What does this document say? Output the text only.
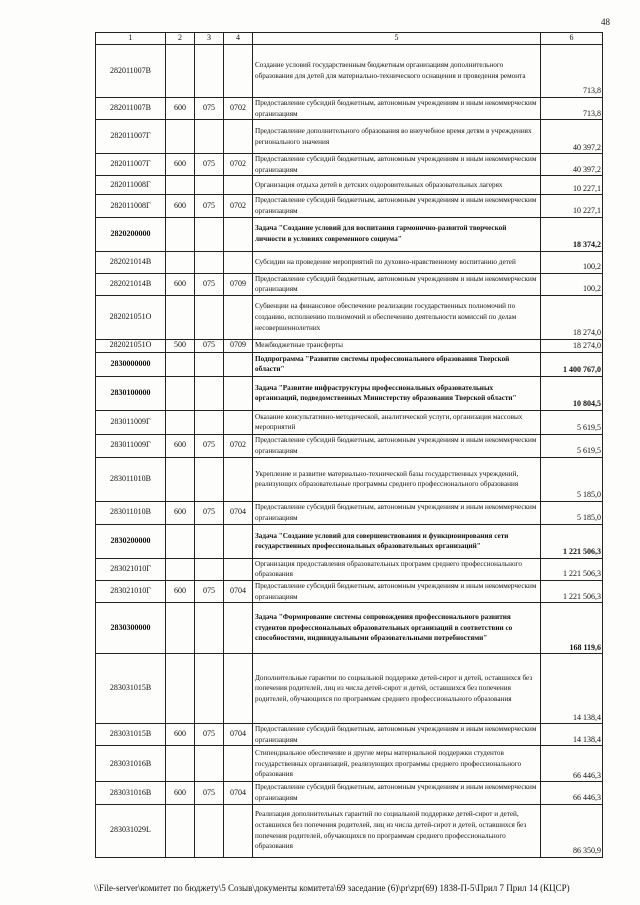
48
1	2	3	4	5	6
282011007В				Создание условий государственным бюджетным организациям дополнительного образования для детей для материально-технического оснащения и проведения ремонта	713,8
282011007В	600	075	0702	Предоставление субсидий бюджетным, автономным учреждениям и иным некоммерческим организациям	713,8
282011007Г				Предоставление дополнительного образования во внеучебное время детям в учреждениях регионального значения	40 397,2
282011007Г	600	075	0702	Предоставление субсидий бюджетным, автономным учреждениям и иным некоммерческим организациям	40 397,2
282011008Г				Организация отдыха детей в детских оздоровительных образовательных лагерях	10 227,1
282011008Г	600	075	0702	Предоставление субсидий бюджетным, автономным учреждениям и иным некоммерческим организациям	10 227,1
2820200000				Задача "Создание условий для воспитания гармонично-развитой творческой личности в условиях современного социума"	18 374,2
282021014В				Субсидии на проведение мероприятий по духовно-нравственному воспитанию детей	100,2
282021014В	600	075	0709	Предоставление субсидий бюджетным, автономным учреждениям и иным некоммерческим организациям	100,2
282021051О				Субвенции на финансовое обеспечение реализации государственных полномочий по созданию, исполнению полномочий и обеспечению деятельности комиссий по делам несовершеннолетних	18 274,0
282021051О	500	075	0709	Межбюджетные трансферты	18 274,0
2830000000				Подпрограмма "Развитие системы профессионального образования Тверской области"	1 400 767,0
2830100000				Задача "Развитие инфраструктуры профессиональных образовательных организаций, подведомственных Министерству образования Тверской области"	10 804,5
283011009Г				Оказание консультативно-методической, аналитической услуги, организация массовых мероприятий	5 619,5
283011009Г	600	075	0702	Предоставление субсидий бюджетным, автономным учреждениям и иным некоммерческим организациям	5 619,5
283011010В				Укрепление и развитие материально-технической базы государственных учреждений, реализующих образовательные программы среднего профессионального образования	5 185,0
283011010В	600	075	0704	Предоставление субсидий бюджетным, автономным учреждениям и иным некоммерческим организациям	5 185,0
2830200000				Задача "Создание условий для совершенствования и функционирования сети государственных профессиональных образовательных организаций"	1 221 506,3
283021010Г				Организация предоставления образовательных программ среднего профессионального образования	1 221 506,3
283021010Г	600	075	0704	Предоставление субсидий бюджетным, автономным учреждениям и иным некоммерческим организациям	1 221 506,3
2830300000				Задача "Формирование системы сопровождения профессионального развития студентов профессиональных образовательных организаций в соответствии со способностями, индивидуальными образовательными потребностями"	168 119,6
283031015В				Дополнительные гарантии по социальной поддержке детей-сирот и детей, оставшихся без попечения родителей, лиц из числа детей-сирот и детей, оставшихся без попечения родителей, обучающихся по программам среднего профессионального образования	14 138,4
283031015В	600	075	0704	Предоставление субсидий бюджетным, автономным учреждениям и иным некоммерческим организациям	14 138,4
283031016В				Стипендиальное обеспечение и другие меры материальной поддержки студентов государственных организаций, реализующих программы среднего профессионального образования	66 446,3
283031016В	600	075	0704	Предоставление субсидий бюджетным, автономным учреждениям и иным некоммерческим организациям	66 446,3
283031029L				Реализация дополнительных гарантий по социальной поддержке детей-сирот и детей, оставшихся без попечения родителей, лиц из числа детей-сирот и детей, оставшихся без попечения родителей, обучающихся по программам среднего профессионального образования	86 350,9
\\File-server\комитет по бюджету\5 Созыв\документы комитета\69 заседание (6)\pr\zpr(69) 1838-П-5\Прил 7 Прил 14 (КЦСР)
